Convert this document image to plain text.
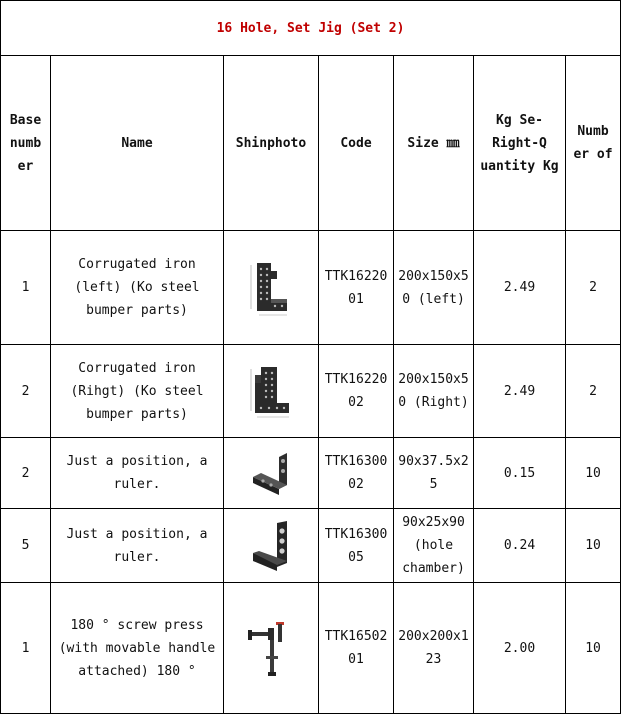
16 Hole, Set Jig (Set 2)						

Base numb er	Name	Shinphoto	Code	Size ㎜	Kg Se-Right-Q uantity Kg	Numb er of

1	Corrugated iron (left) (Ko steel bumper parts)		TTK1622001	200x150x50 (left)	2.49	2
2	Corrugated iron (Rihgt) (Ko steel bumper parts)		TTK1622002	200x150x50 (Right)	2.49	2
2	Just a position, a ruler.		TTK1630002	90x37.5x25	0.15	10
5	Just a position, a ruler.		TTK1630005	90x25x90 (hole chamber)	0.24	10
1	180 ° screw press (with movable handle attached) 180 °		TTK1650201	200x200x123	2.00	10
